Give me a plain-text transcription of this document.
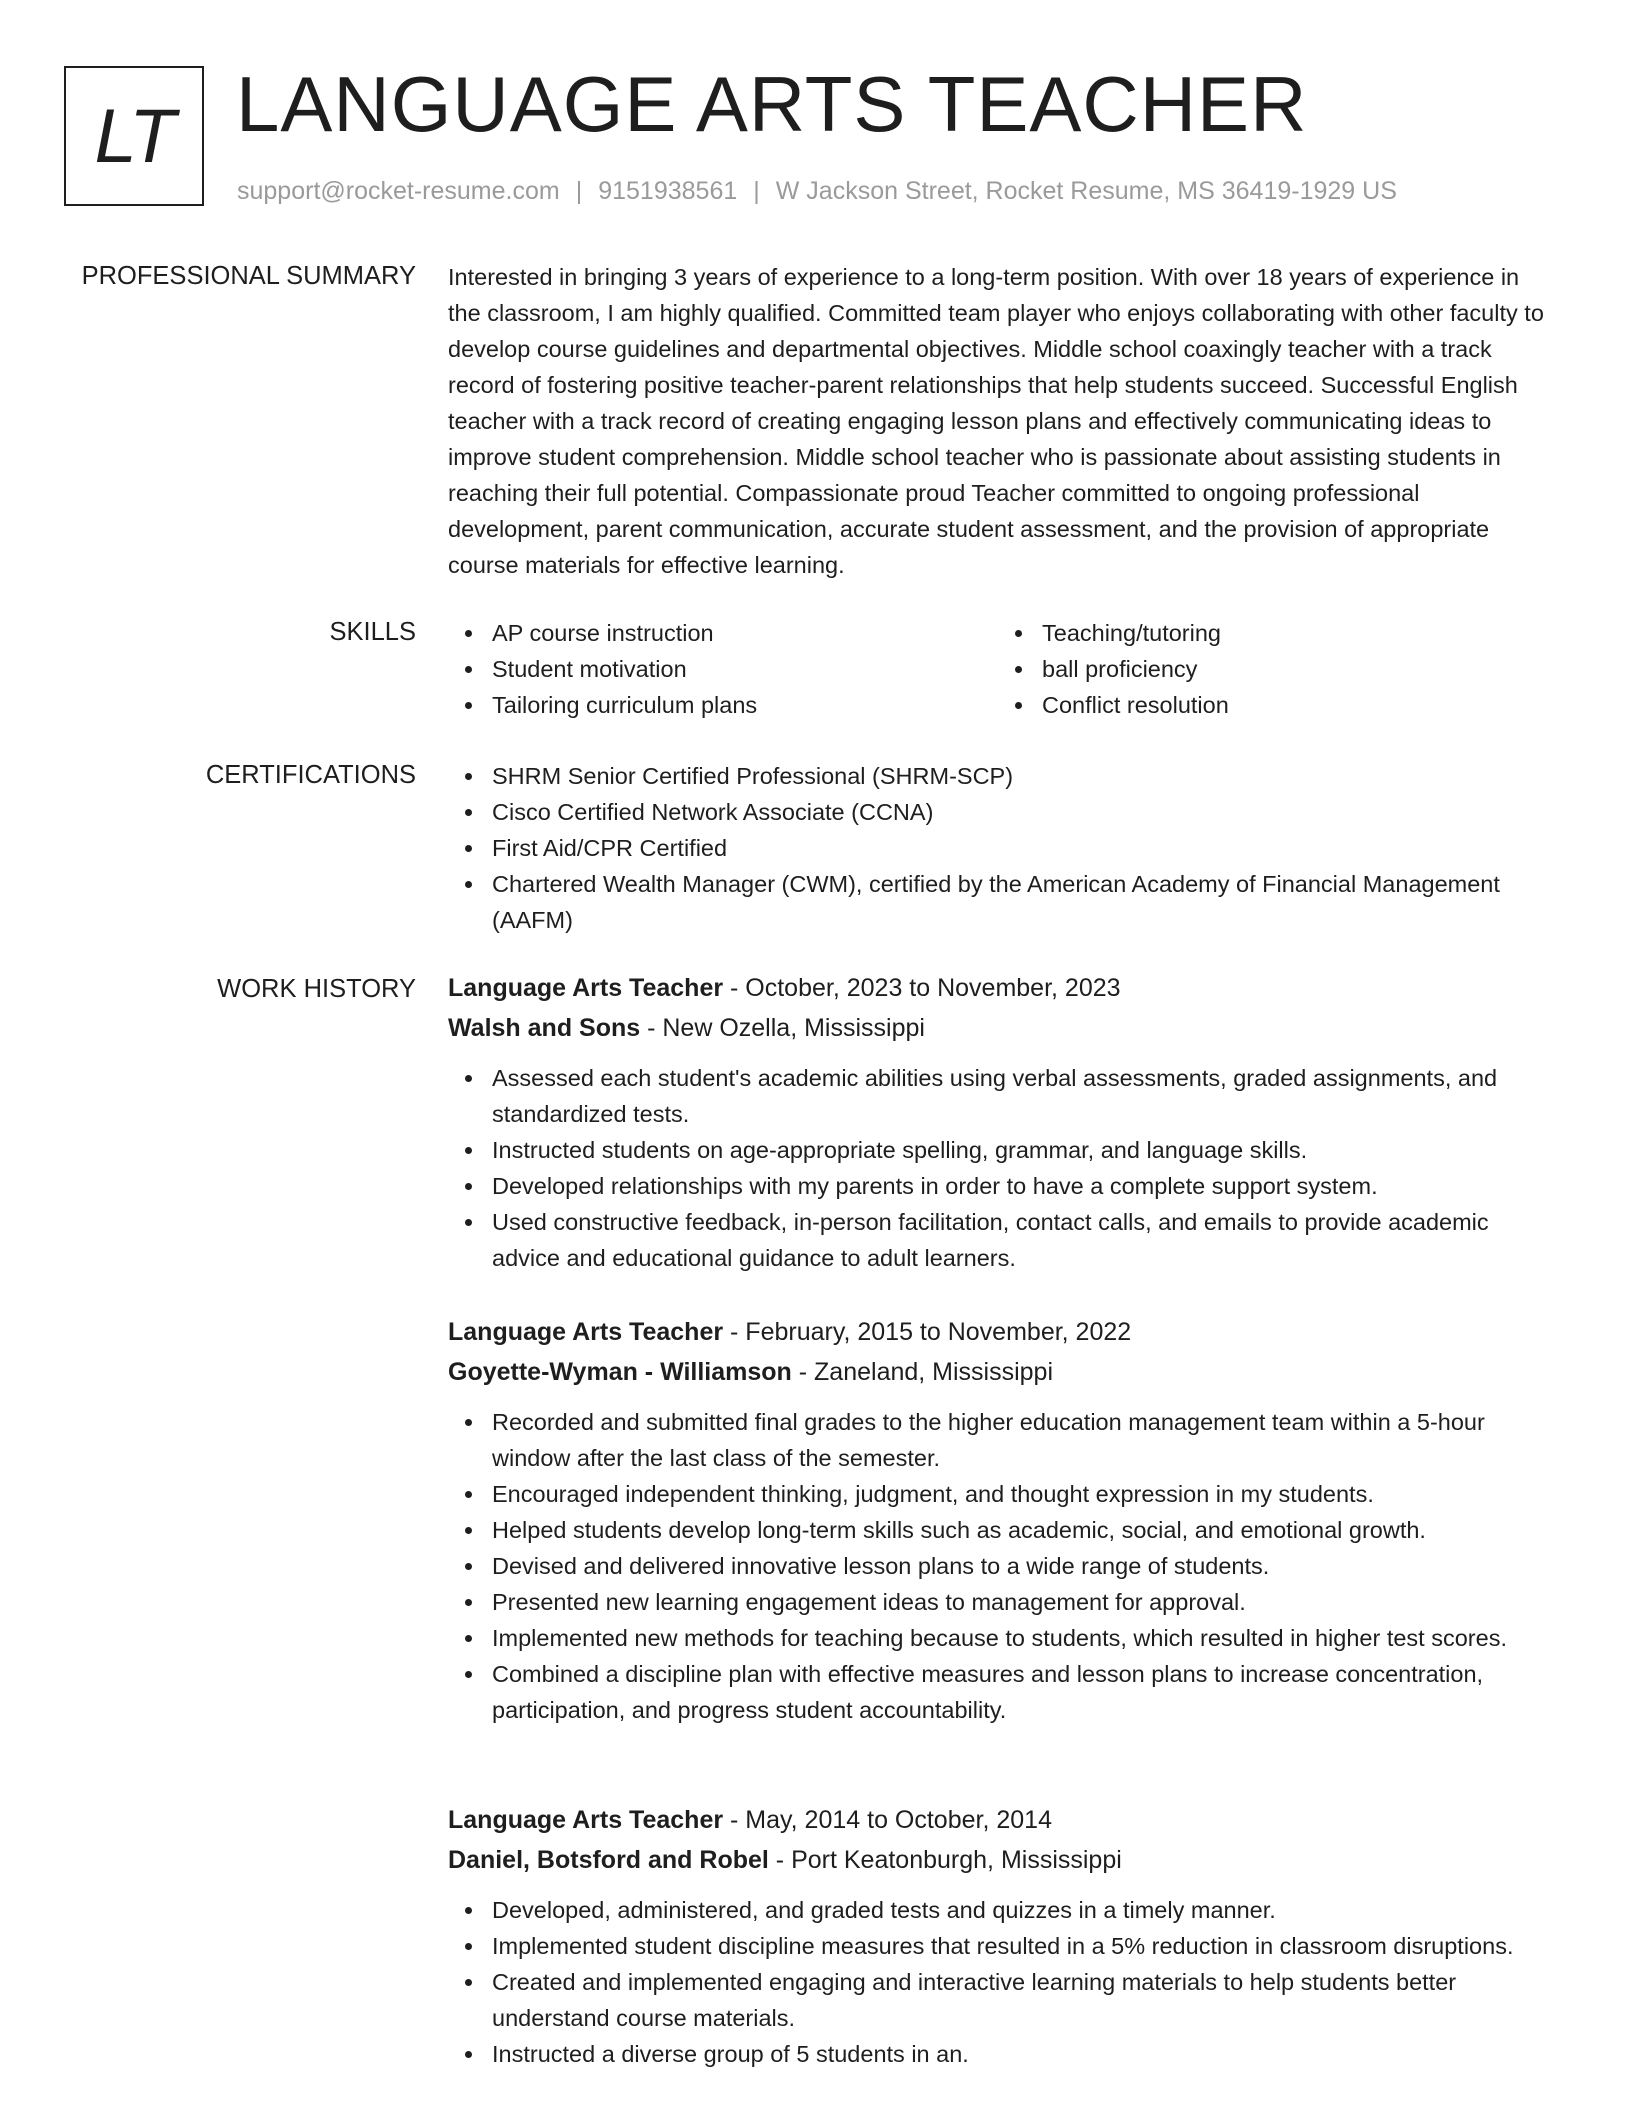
LT LANGUAGE ARTS TEACHER
support@rocket-resume.com | 9151938561 | W Jackson Street, Rocket Resume, MS 36419-1929 US
PROFESSIONAL SUMMARY Interested in bringing 3 years of experience to a long-term position. With over 18 years of experience in the classroom, I am highly qualified. Committed team player who enjoys collaborating with other faculty to develop course guidelines and departmental objectives. Middle school coaxingly teacher with a track record of fostering positive teacher-parent relationships that help students succeed. Successful English teacher with a track record of creating engaging lesson plans and effectively communicating ideas to improve student comprehension. Middle school teacher who is passionate about assisting students in reaching their full potential. Compassionate proud Teacher committed to ongoing professional development, parent communication, accurate student assessment, and the provision of appropriate course materials for effective learning.

SKILLS	AP course instruction	Teaching/tutoring
Student motivation	ball proficiency
Tailoring curriculum plans	Conflict resolution
CERTIFICATIONS	SHRM Senior Certified Professional (SHRM-SCP)
Cisco Certified Network Associate (CCNA)
First Aid/CPR Certified
Chartered Wealth Manager (CWM), certified by the American Academy of Financial Management (AAFM)
WORK HISTORY Language Arts Teacher - October, 2023 to November, 2023
Walsh and Sons - New Ozella, Mississippi
Assessed each student's academic abilities using verbal assessments, graded assignments, and standardized tests.
Instructed students on age-appropriate spelling, grammar, and language skills.
Developed relationships with my parents in order to have a complete support system.
Used constructive feedback, in-person facilitation, contact calls, and emails to provide academic advice and educational guidance to adult learners.
Language Arts Teacher - February, 2015 to November, 2022
Goyette-Wyman - Williamson - Zaneland, Mississippi
Recorded and submitted final grades to the higher education management team within a 5-hour window after the last class of the semester.
Encouraged independent thinking, judgment, and thought expression in my students.
Helped students develop long-term skills such as academic, social, and emotional growth.
Devised and delivered innovative lesson plans to a wide range of students.
Presented new learning engagement ideas to management for approval.
Implemented new methods for teaching because to students, which resulted in higher test scores.
Combined a discipline plan with effective measures and lesson plans to increase concentration, participation, and progress student accountability.
Language Arts Teacher - May, 2014 to October, 2014
Daniel, Botsford and Robel - Port Keatonburgh, Mississippi
Developed, administered, and graded tests and quizzes in a timely manner.
Implemented student discipline measures that resulted in a 5% reduction in classroom disruptions.
Created and implemented engaging and interactive learning materials to help students better understand course materials.
Instructed a diverse group of 5 students in an.
